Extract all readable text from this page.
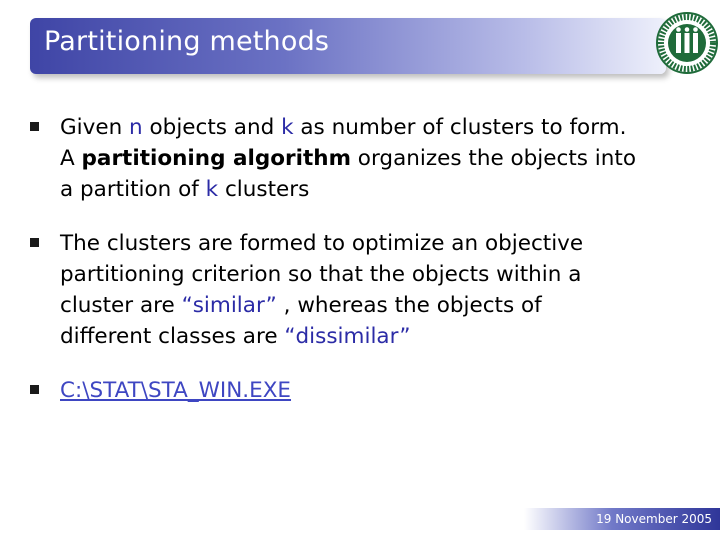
Partitioning methods
Given n objects and k as number of clusters to form.
A partitioning algorithm organizes the objects into
a partition of k clusters
The clusters are formed to optimize an objective
partitioning criterion so that the objects within a
cluster are “similar” , whereas the objects of
different classes are “dissimilar”
C:\STAT\STA_WIN.EXE
19 November 2005
